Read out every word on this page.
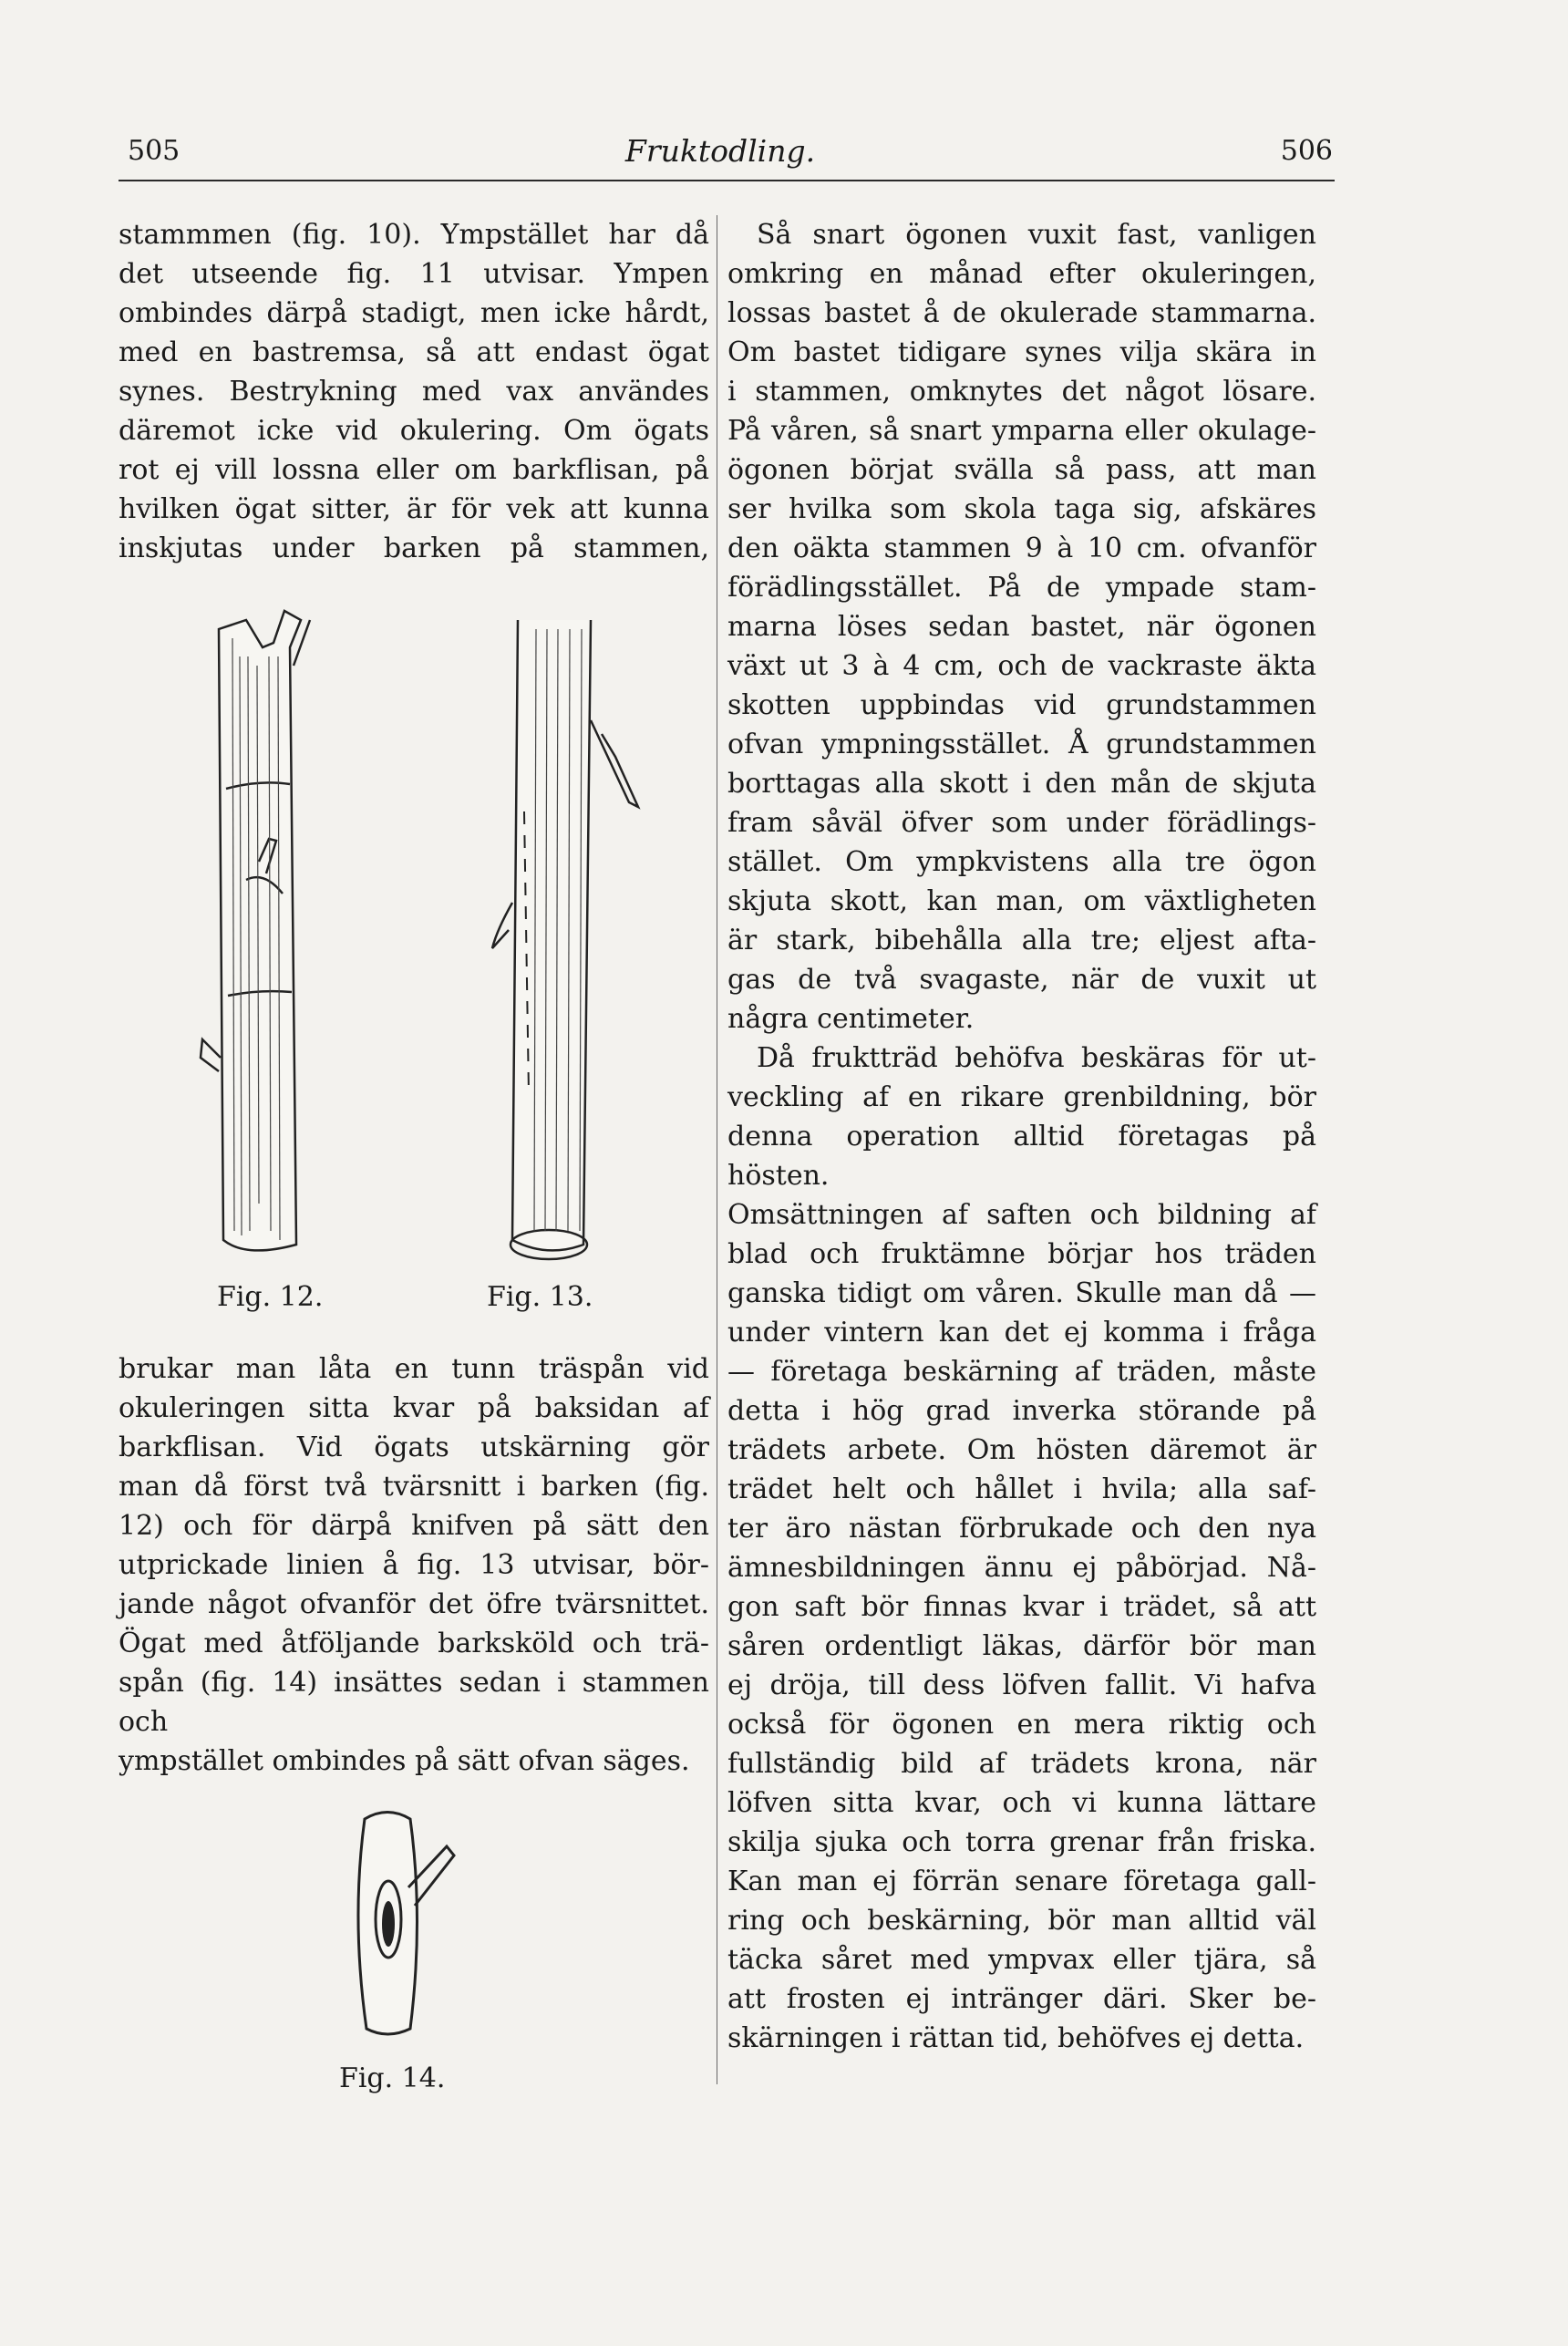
505	Fruktodling.	506

stammmen (fig. 10). Ympstället har då

det utseende fig. 11 utvisar. Ympen

ombindes därpå stadigt, men icke hårdt,

med en bastremsa, så att endast ögat

synes. Bestrykning med vax användes

däremot icke vid okulering. Om ögats

rot ej vill lossna eller om barkflisan, på

hvilken ögat sitter, är för vek att kunna

inskjutas under barken på stammen,

Fig. 12.	Fig. 13.

brukar man låta en tunn träspån vid

okuleringen sitta kvar på baksidan af

barkflisan. Vid ögats utskärning gör

man då först två tvärsnitt i barken (fig.

12) och för därpå knifven på sätt den

utprickade linien å fig. 13 utvisar, bör-

jande något ofvanför det öfre tvärsnittet.

Ögat med åtföljande barksköld och trä-

spån (fig. 14) insättes sedan i stammen och

ympstället ombindes på sätt ofvan säges.

Fig. 14.

Så snart ögonen vuxit fast, vanligen

omkring en månad efter okuleringen,

lossas bastet å de okulerade stammarna.

Om bastet tidigare synes vilja skära in

i stammen, omknytes det något lösare.

På våren, så snart ymparna eller okulage-

ögonen börjat svälla så pass, att man

ser hvilka som skola taga sig, afskäres

den oäkta stammen 9 à 10 cm. ofvanför

förädlingsstället. På de ympade stam-

marna löses sedan bastet, när ögonen

växt ut 3 à 4 cm, och de vackraste äkta

skotten uppbindas vid grundstammen

ofvan ympningsstället. Å grundstammen

borttagas alla skott i den mån de skjuta

fram såväl öfver som under förädlings-

stället. Om ympkvistens alla tre ögon

skjuta skott, kan man, om växtligheten

är stark, bibehålla alla tre; eljest afta-

gas de två svagaste, när de vuxit ut

några centimeter.

Då fruktträd behöfva beskäras för ut-

veckling af en rikare grenbildning, bör

denna operation alltid företagas på hösten.

Omsättningen af saften och bildning af

blad och fruktämne börjar hos träden

ganska tidigt om våren. Skulle man då —

under vintern kan det ej komma i fråga

— företaga beskärning af träden, måste

detta i hög grad inverka störande på

trädets arbete. Om hösten däremot är

trädet helt och hållet i hvila; alla saf-

ter äro nästan förbrukade och den nya

ämnesbildningen ännu ej påbörjad. Nå-

gon saft bör finnas kvar i trädet, så att

såren ordentligt läkas, därför bör man

ej dröja, till dess löfven fallit. Vi hafva

också för ögonen en mera riktig och

fullständig bild af trädets krona, när

löfven sitta kvar, och vi kunna lättare

skilja sjuka och torra grenar från friska.

Kan man ej förrän senare företaga gall-

ring och beskärning, bör man alltid väl

täcka såret med ympvax eller tjära, så

att frosten ej intränger däri. Sker be-

skärningen i rättan tid, behöfves ej detta.
